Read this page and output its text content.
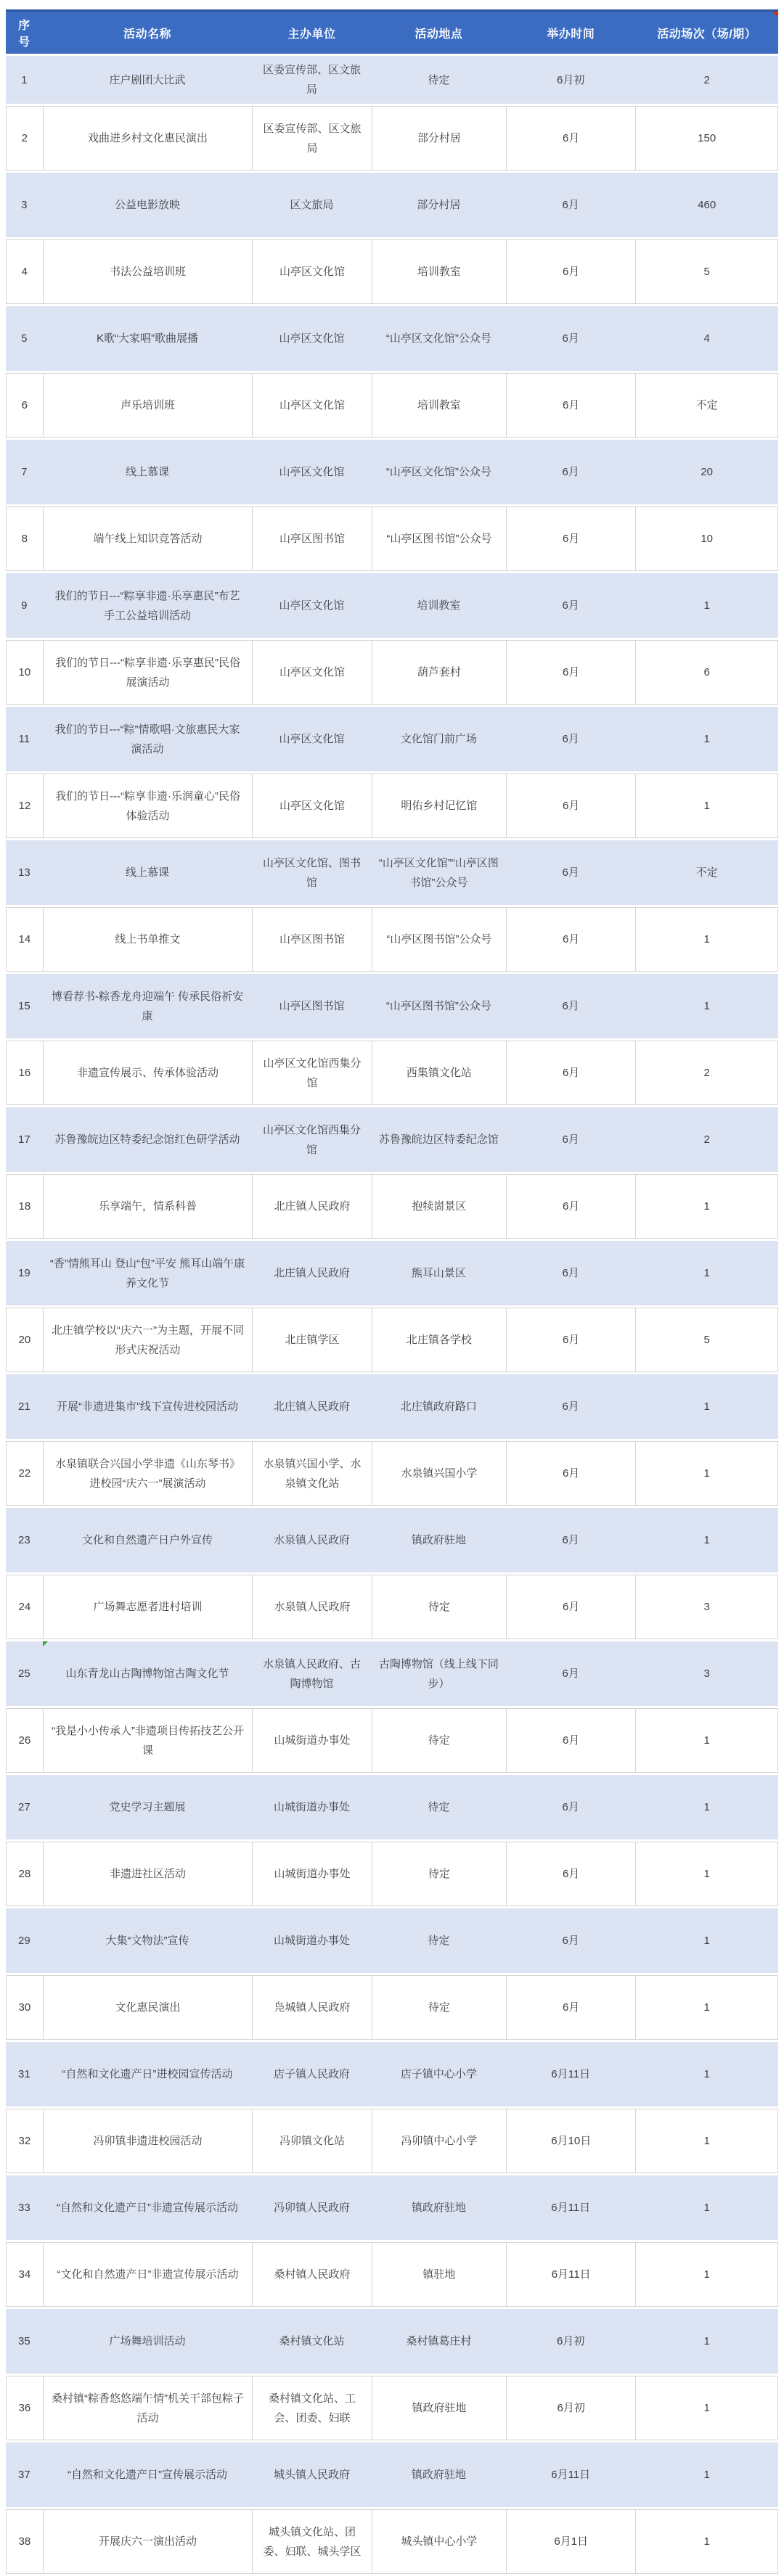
序号	活动名称	主办单位	活动地点	举办时间	活动场次（场/期）

1	庄户剧团大比武	区委宣传部、区文旅局	待定	6月初	2
2	戏曲进乡村文化惠民演出	区委宣传部、区文旅局	部分村居	6月	150
3	公益电影放映	区文旅局	部分村居	6月	460
4	书法公益培训班	山亭区文化馆	培训教室	6月	5
5	K歌“大家唱”歌曲展播	山亭区文化馆	“山亭区文化馆”公众号	6月	4
6	声乐培训班	山亭区文化馆	培训教室	6月	不定
7	线上慕课	山亭区文化馆	“山亭区文化馆”公众号	6月	20
8	端午线上知识竞答活动	山亭区图书馆	“山亭区图书馆”公众号	6月	10
9	我们的节日---“粽享非遗·乐享惠民”布艺手工公益培训活动	山亭区文化馆	培训教室	6月	1
10	我们的节日---“粽享非遗·乐享惠民”民俗展演活动	山亭区文化馆	葫芦套村	6月	6
11	我们的节日---“粽”情歌唱·文旅惠民大家演活动	山亭区文化馆	文化馆门前广场	6月	1
12	我们的节日---“粽享非遗·乐润童心”民俗体验活动	山亭区文化馆	明佑乡村记忆馆	6月	1
13	线上慕课	山亭区文化馆、图书馆	“山亭区文化馆”“山亭区图书馆”公众号	6月	不定
14	线上书单推文	山亭区图书馆	“山亭区图书馆”公众号	6月	1
15	博看荐书-粽香龙舟迎端午 传承民俗祈安康	山亭区图书馆	“山亭区图书馆”公众号	6月	1
16	非遗宣传展示、传承体验活动	山亭区文化馆西集分馆	西集镇文化站	6月	2
17	苏鲁豫皖边区特委纪念馆红色研学活动	山亭区文化馆西集分馆	苏鲁豫皖边区特委纪念馆	6月	2
18	乐享端午，情系科普	北庄镇人民政府	抱犊崮景区	6月	1
19	“香”情熊耳山 登山“包”平安 熊耳山端午康养文化节	北庄镇人民政府	熊耳山景区	6月	1
20	北庄镇学校以“庆六一”为主题，开展不同形式庆祝活动	北庄镇学区	北庄镇各学校	6月	5
21	开展“非遗进集市”线下宣传进校园活动	北庄镇人民政府	北庄镇政府路口	6月	1
22	水泉镇联合兴国小学非遗《山东琴书》进校园“庆六一”展演活动	水泉镇兴国小学、水泉镇文化站	水泉镇兴国小学	6月	1
23	文化和自然遗产日户外宣传	水泉镇人民政府	镇政府驻地	6月	1
24	广场舞志愿者进村培训	水泉镇人民政府	待定	6月	3
25	山东青龙山古陶博物馆古陶文化节	水泉镇人民政府、古陶博物馆	古陶博物馆（线上线下同步）	6月	3
26	“我是小小传承人”非遗项目传拓技艺公开课	山城街道办事处	待定	6月	1
27	党史学习主题展	山城街道办事处	待定	6月	1
28	非遗进社区活动	山城街道办事处	待定	6月	1
29	大集“文物法”宣传	山城街道办事处	待定	6月	1
30	文化惠民演出	凫城镇人民政府	待定	6月	1
31	“自然和文化遗产日”进校园宣传活动	店子镇人民政府	店子镇中心小学	6月11日	1
32	冯卯镇非遗进校园活动	冯卯镇文化站	冯卯镇中心小学	6月10日	1
33	“自然和文化遗产日”非遗宣传展示活动	冯卯镇人民政府	镇政府驻地	6月11日	1
34	“文化和自然遗产日”非遗宣传展示活动	桑村镇人民政府	镇驻地	6月11日	1
35	广场舞培训活动	桑村镇文化站	桑村镇葛庄村	6月初	1
36	桑村镇“粽香悠悠端午情”机关干部包粽子活动	桑村镇文化站、工会、团委、妇联	镇政府驻地	6月初	1
37	“自然和文化遗产日”宣传展示活动	城头镇人民政府	镇政府驻地	6月11日	1
38	开展庆六一演出活动	城头镇文化站、团委、妇联、城头学区	城头镇中心小学	6月1日	1
